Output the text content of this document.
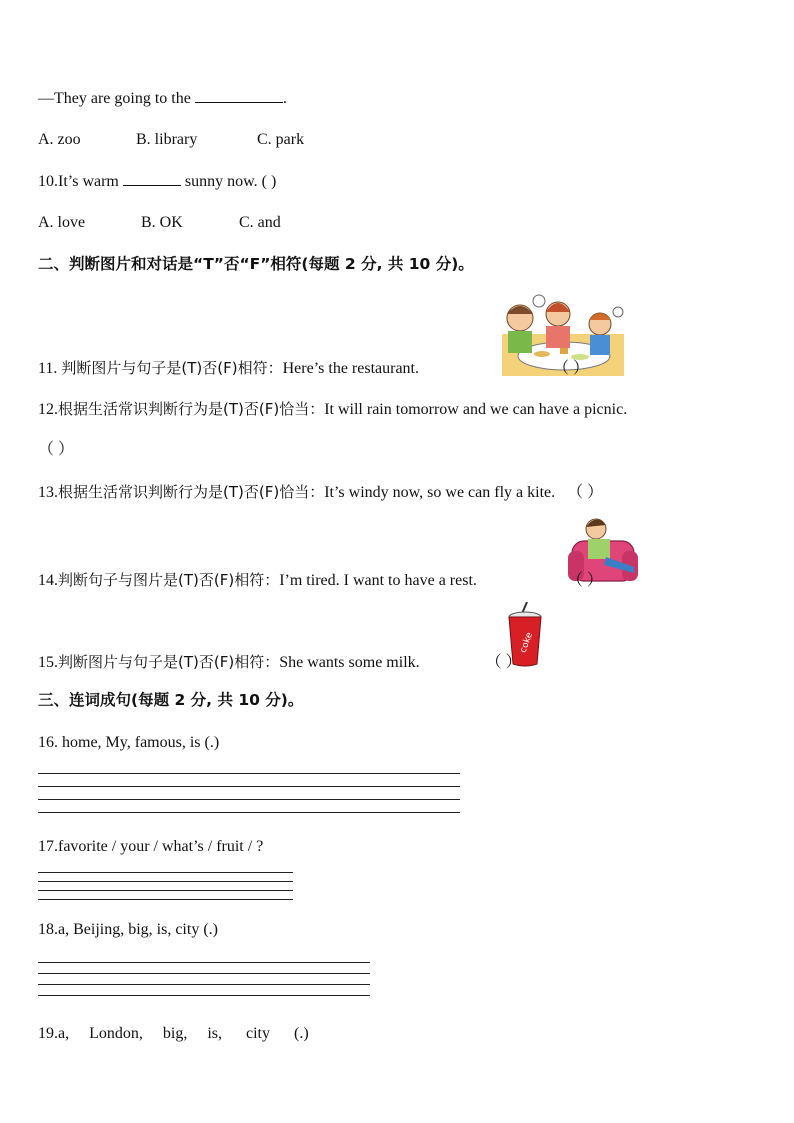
—They are going to the	.
A. zoo	B. library	C. park
10.It’s warm	sunny now. ( )
A. love	B. OK	C. and
二、判断图片和对话是“T”否“F”相符(每题 2 分, 共 10 分)。
11. 判断图片与句子是(T)否(F)相符：Here’s the restaurant.	（ ）
12.根据生活常识判断行为是(T)否(F)恰当：It will rain tomorrow and we can have a picnic.
（ ）
13.根据生活常识判断行为是(T)否(F)恰当：It’s windy now, so we can fly a kite. （ ）
14.判断句子与图片是(T)否(F)相符：I’m tired. I want to have a rest.	（ ）
coke
15.判断图片与句子是(T)否(F)相符：She wants some milk.	（ ）
三、连词成句(每题 2 分, 共 10 分)。
16. home, My, famous, is (.)
17.favorite / your / what’s / fruit / ?
18.a, Beijing, big, is, city (.)
19.a,     London,     big,     is,      city      (.)
